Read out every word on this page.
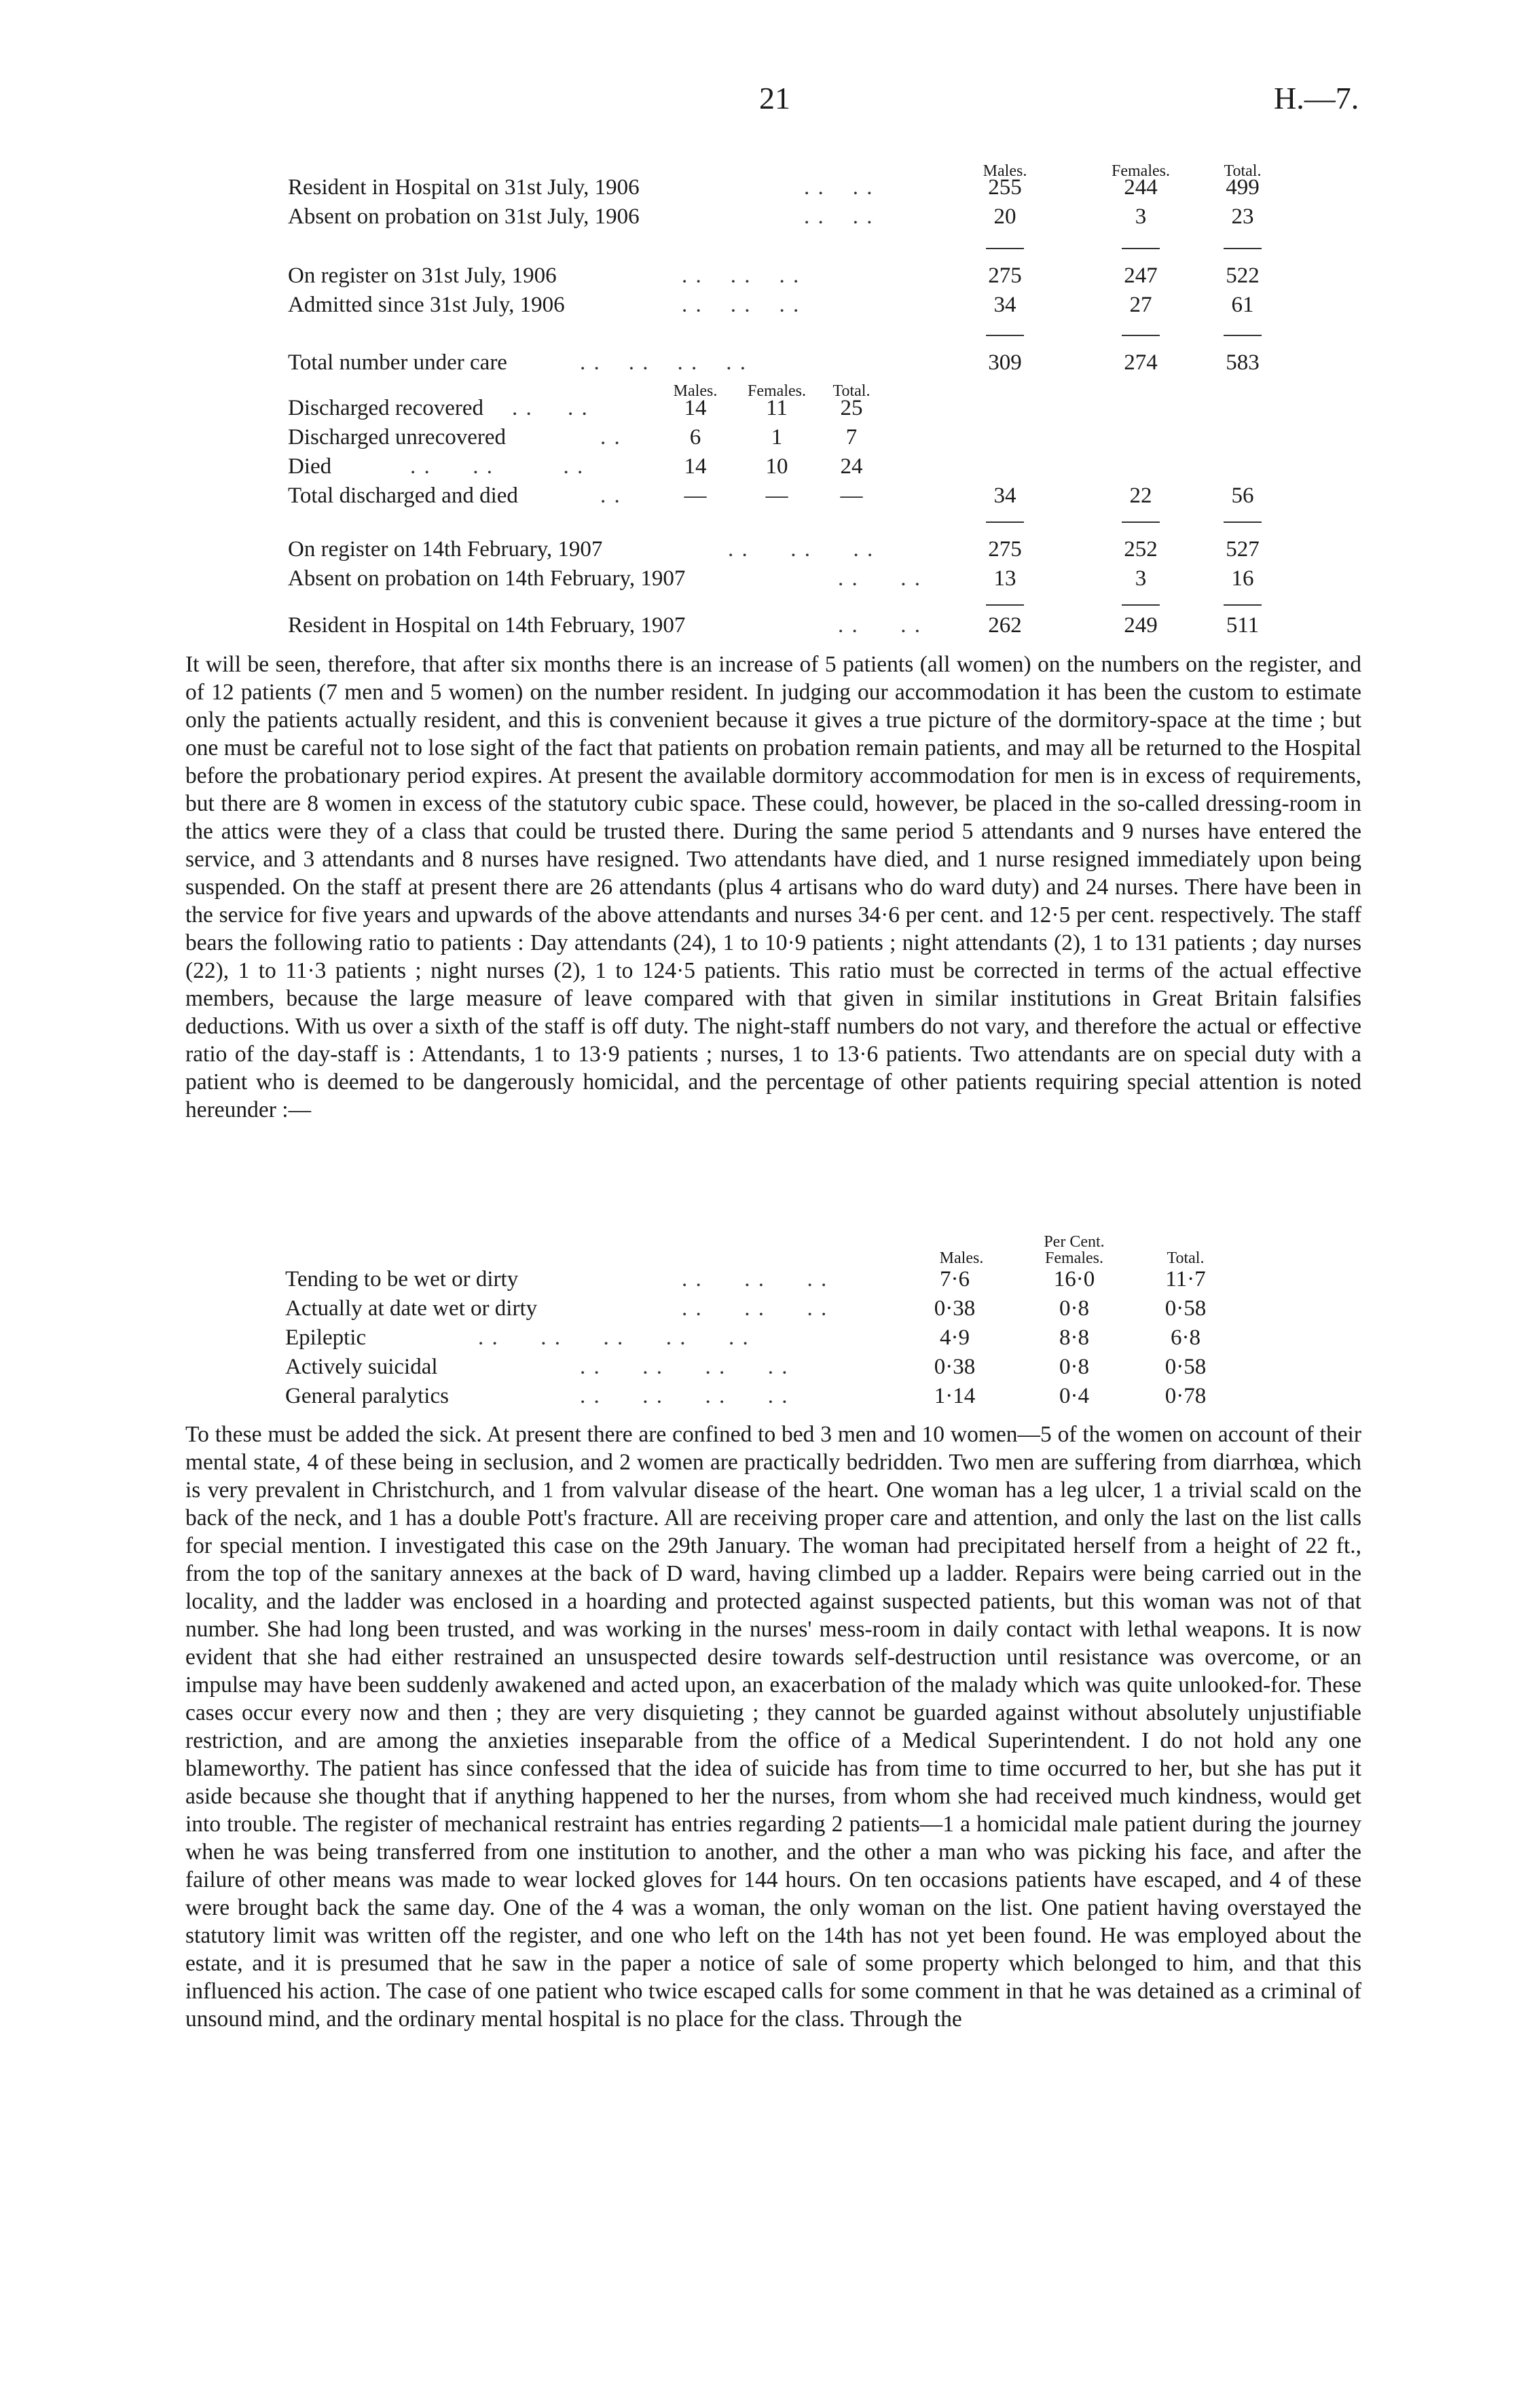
21	H.—7.
Males.	Females.	Total.
Resident in Hospital on 31st July, 1906	. .    . .	255	244	499
Absent on probation on 31st July, 1906	. .    . .	20	3	23
On register on 31st July, 1906	. .    . .    . .	275	247	522
Admitted since 31st July, 1906	. .    . .    . .	34	27	61
Total number under care	. .    . .    . .    . .	309	274	583
Males.	Females.	Total.
Discharged recovered . .     . .	14	11	25
Discharged unrecovered	. .	6	1	7
Died	. .      . .          . .	14	10	24
Total discharged and died	. .	—	—	—	34	22	56
On register on 14th February, 1907	. .      . .      . .	275	252	527
Absent on probation on 14th February, 1907	. .      . .	13	3	16
Resident in Hospital on 14th February, 1907	. .      . .	262	249	511

It will be seen, therefore, that after six months there is an increase of 5 patients (all women) on the numbers on the register, and of 12 patients (7 men and 5 women) on the number resident. In judging our accommodation it has been the custom to estimate only the patients actually resident, and this is convenient because it gives a true picture of the dormitory-space at the time ; but one must be careful not to lose sight of the fact that patients on probation remain patients, and may all be returned to the Hospital before the probationary period expires. At present the available dormitory accommodation for men is in excess of requirements, but there are 8 women in excess of the statutory cubic space. These could, however, be placed in the so-called dressing-room in the attics were they of a class that could be trusted there. During the same period 5 attendants and 9 nurses have entered the service, and 3 attendants and 8 nurses have resigned. Two attendants have died, and 1 nurse resigned immediately upon being suspended. On the staff at present there are 26 attendants (plus 4 artisans who do ward duty) and 24 nurses. There have been in the service for five years and upwards of the above attendants and nurses 34·6 per cent. and 12·5 per cent. respectively. The staff bears the following ratio to patients : Day attendants (24), 1 to 10·9 patients ; night attendants (2), 1 to 131 patients ; day nurses (22), 1 to 11·3 patients ; night nurses (2), 1 to 124·5 patients. This ratio must be corrected in terms of the actual effective members, because the large measure of leave compared with that given in similar institutions in Great Britain falsifies deductions. With us over a sixth of the staff is off duty. The night-staff numbers do not vary, and therefore the actual or effective ratio of the day-staff is : Attendants, 1 to 13·9 patients ; nurses, 1 to 13·6 patients. Two attendants are on special duty with a patient who is deemed to be dangerously homicidal, and the percentage of other patients requiring special attention is noted hereunder :—

Per Cent.
Males.	Females.	Total.
Tending to be wet or dirty	. .      . .      . .	7·6	16·0	11·7
Actually at date wet or dirty	. .      . .      . .	0·38	0·8	0·58
Epileptic	. .      . .      . .      . .      . .	4·9	8·8	6·8
Actively suicidal	. .      . .      . .      . .	0·38	0·8	0·58
General paralytics	. .      . .      . .      . .	1·14	0·4	0·78

To these must be added the sick. At present there are confined to bed 3 men and 10 women—5 of the women on account of their mental state, 4 of these being in seclusion, and 2 women are practically bedridden. Two men are suffering from diarrhœa, which is very prevalent in Christchurch, and 1 from valvular disease of the heart. One woman has a leg ulcer, 1 a trivial scald on the back of the neck, and 1 has a double Pott's fracture. All are receiving proper care and attention, and only the last on the list calls for special mention. I investigated this case on the 29th January. The woman had precipitated herself from a height of 22 ft., from the top of the sanitary annexes at the back of D ward, having climbed up a ladder. Repairs were being carried out in the locality, and the ladder was enclosed in a hoarding and protected against suspected patients, but this woman was not of that number. She had long been trusted, and was working in the nurses' mess-room in daily contact with lethal weapons. It is now evident that she had either restrained an unsuspected desire towards self-destruction until resistance was overcome, or an impulse may have been suddenly awakened and acted upon, an exacerbation of the malady which was quite unlooked-for. These cases occur every now and then ; they are very disquieting ; they cannot be guarded against without absolutely unjustifiable restriction, and are among the anxieties inseparable from the office of a Medical Superintendent. I do not hold any one blameworthy. The patient has since confessed that the idea of suicide has from time to time occurred to her, but she has put it aside because she thought that if anything happened to her the nurses, from whom she had received much kindness, would get into trouble. The register of mechanical restraint has entries regarding 2 patients—1 a homicidal male patient during the journey when he was being transferred from one institution to another, and the other a man who was picking his face, and after the failure of other means was made to wear locked gloves for 144 hours. On ten occasions patients have escaped, and 4 of these were brought back the same day. One of the 4 was a woman, the only woman on the list. One patient having overstayed the statutory limit was written off the register, and one who left on the 14th has not yet been found. He was employed about the estate, and it is presumed that he saw in the paper a notice of sale of some property which belonged to him, and that this influenced his action. The case of one patient who twice escaped calls for some comment in that he was detained as a criminal of unsound mind, and the ordinary mental hospital is no place for the class. Through the
